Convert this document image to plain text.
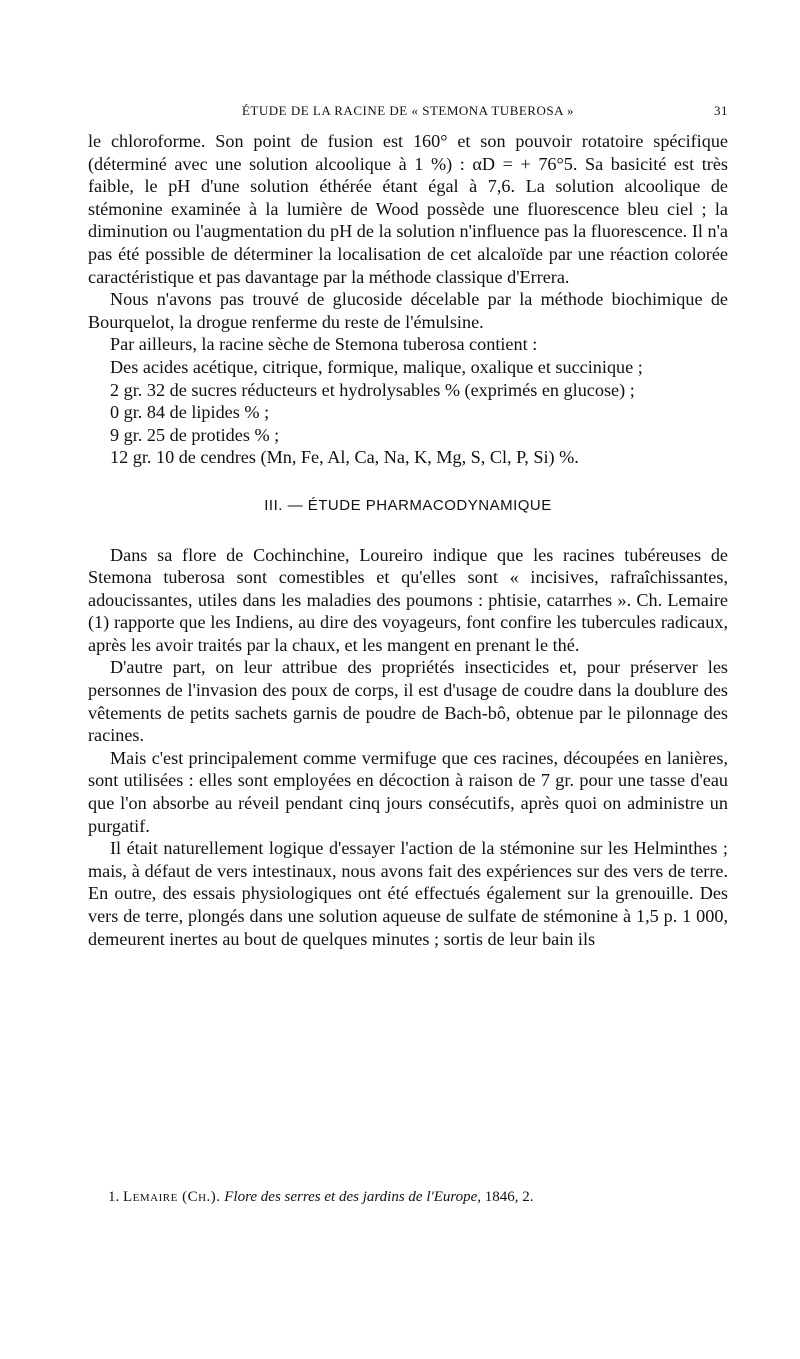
ÉTUDE DE LA RACINE DE « STEMONA TUBEROSA »	31

le chloroforme. Son point de fusion est 160° et son pouvoir rotatoire spécifique (déterminé avec une solution alcoolique à 1 %) : αD = + 76°5. Sa basicité est très faible, le pH d'une solution éthérée étant égal à 7,6. La solution alcoolique de stémonine examinée à la lumière de Wood possède une fluorescence bleu ciel ; la diminution ou l'augmentation du pH de la solution n'influence pas la fluorescence. Il n'a pas été possible de déterminer la localisation de cet alcaloïde par une réaction colorée caractéristique et pas davantage par la méthode classique d'Errera.

Nous n'avons pas trouvé de glucoside décelable par la méthode biochimique de Bourquelot, la drogue renferme du reste de l'émulsine.

Par ailleurs, la racine sèche de Stemona tuberosa contient :

Des acides acétique, citrique, formique, malique, oxalique et succinique ;

2 gr. 32 de sucres réducteurs et hydrolysables % (exprimés en glucose) ;

0 gr. 84 de lipides % ;

9 gr. 25 de protides % ;

12 gr. 10 de cendres (Mn, Fe, Al, Ca, Na, K, Mg, S, Cl, P, Si) %.

III. — ÉTUDE PHARMACODYNAMIQUE

Dans sa flore de Cochinchine, Loureiro indique que les racines tubéreuses de Stemona tuberosa sont comestibles et qu'elles sont « incisives, rafraîchissantes, adoucissantes, utiles dans les maladies des poumons : phtisie, catarrhes ». Ch. Lemaire (1) rapporte que les Indiens, au dire des voyageurs, font confire les tubercules radicaux, après les avoir traités par la chaux, et les mangent en prenant le thé.

D'autre part, on leur attribue des propriétés insecticides et, pour préserver les personnes de l'invasion des poux de corps, il est d'usage de coudre dans la doublure des vêtements de petits sachets garnis de poudre de Bach-bô, obtenue par le pilonnage des racines.

Mais c'est principalement comme vermifuge que ces racines, découpées en lanières, sont utilisées : elles sont employées en décoction à raison de 7 gr. pour une tasse d'eau que l'on absorbe au réveil pendant cinq jours consécutifs, après quoi on administre un purgatif.

Il était naturellement logique d'essayer l'action de la stémonine sur les Helminthes ; mais, à défaut de vers intestinaux, nous avons fait des expériences sur des vers de terre. En outre, des essais physiologiques ont été effectués également sur la grenouille. Des vers de terre, plongés dans une solution aqueuse de sulfate de stémonine à 1,5 p. 1 000, demeurent inertes au bout de quelques minutes ; sortis de leur bain ils

1. Lemaire (Ch.). Flore des serres et des jardins de l'Europe, 1846, 2.
